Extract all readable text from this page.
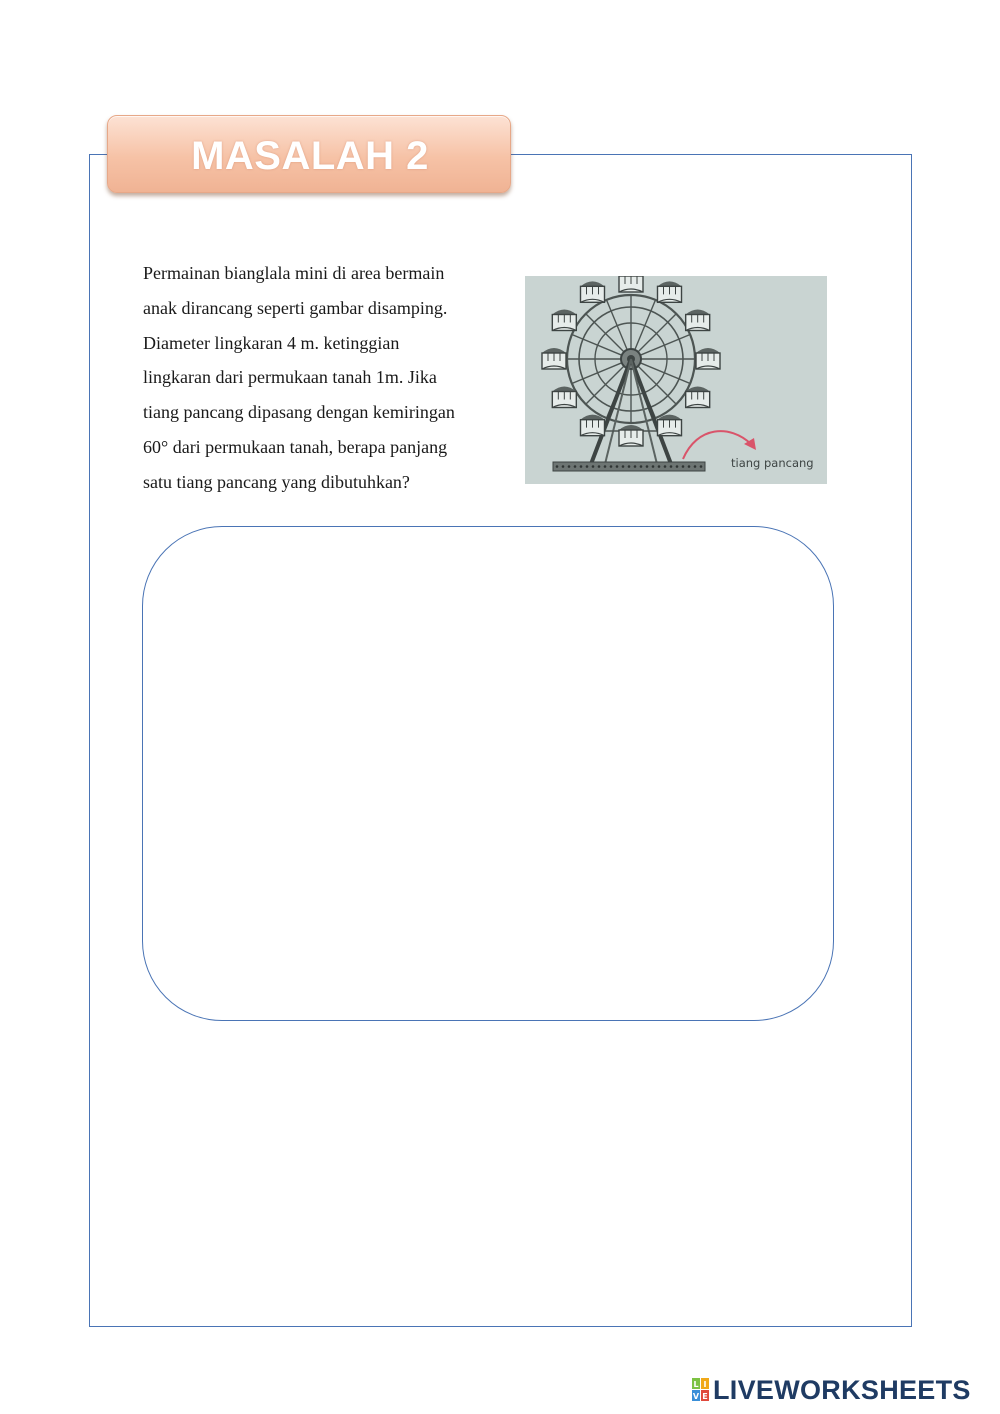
MASALAH 2
Permainan bianglala mini di area bermain
anak dirancang seperti gambar disamping.
Diameter lingkaran 4 m. ketinggian
lingkaran dari permukaan tanah 1m. Jika
tiang pancang dipasang dengan kemiringan
60° dari permukaan tanah, berapa panjang
satu tiang pancang yang dibutuhkan?
tiang pancang
L I
V E LIVEWORKSHEETS
